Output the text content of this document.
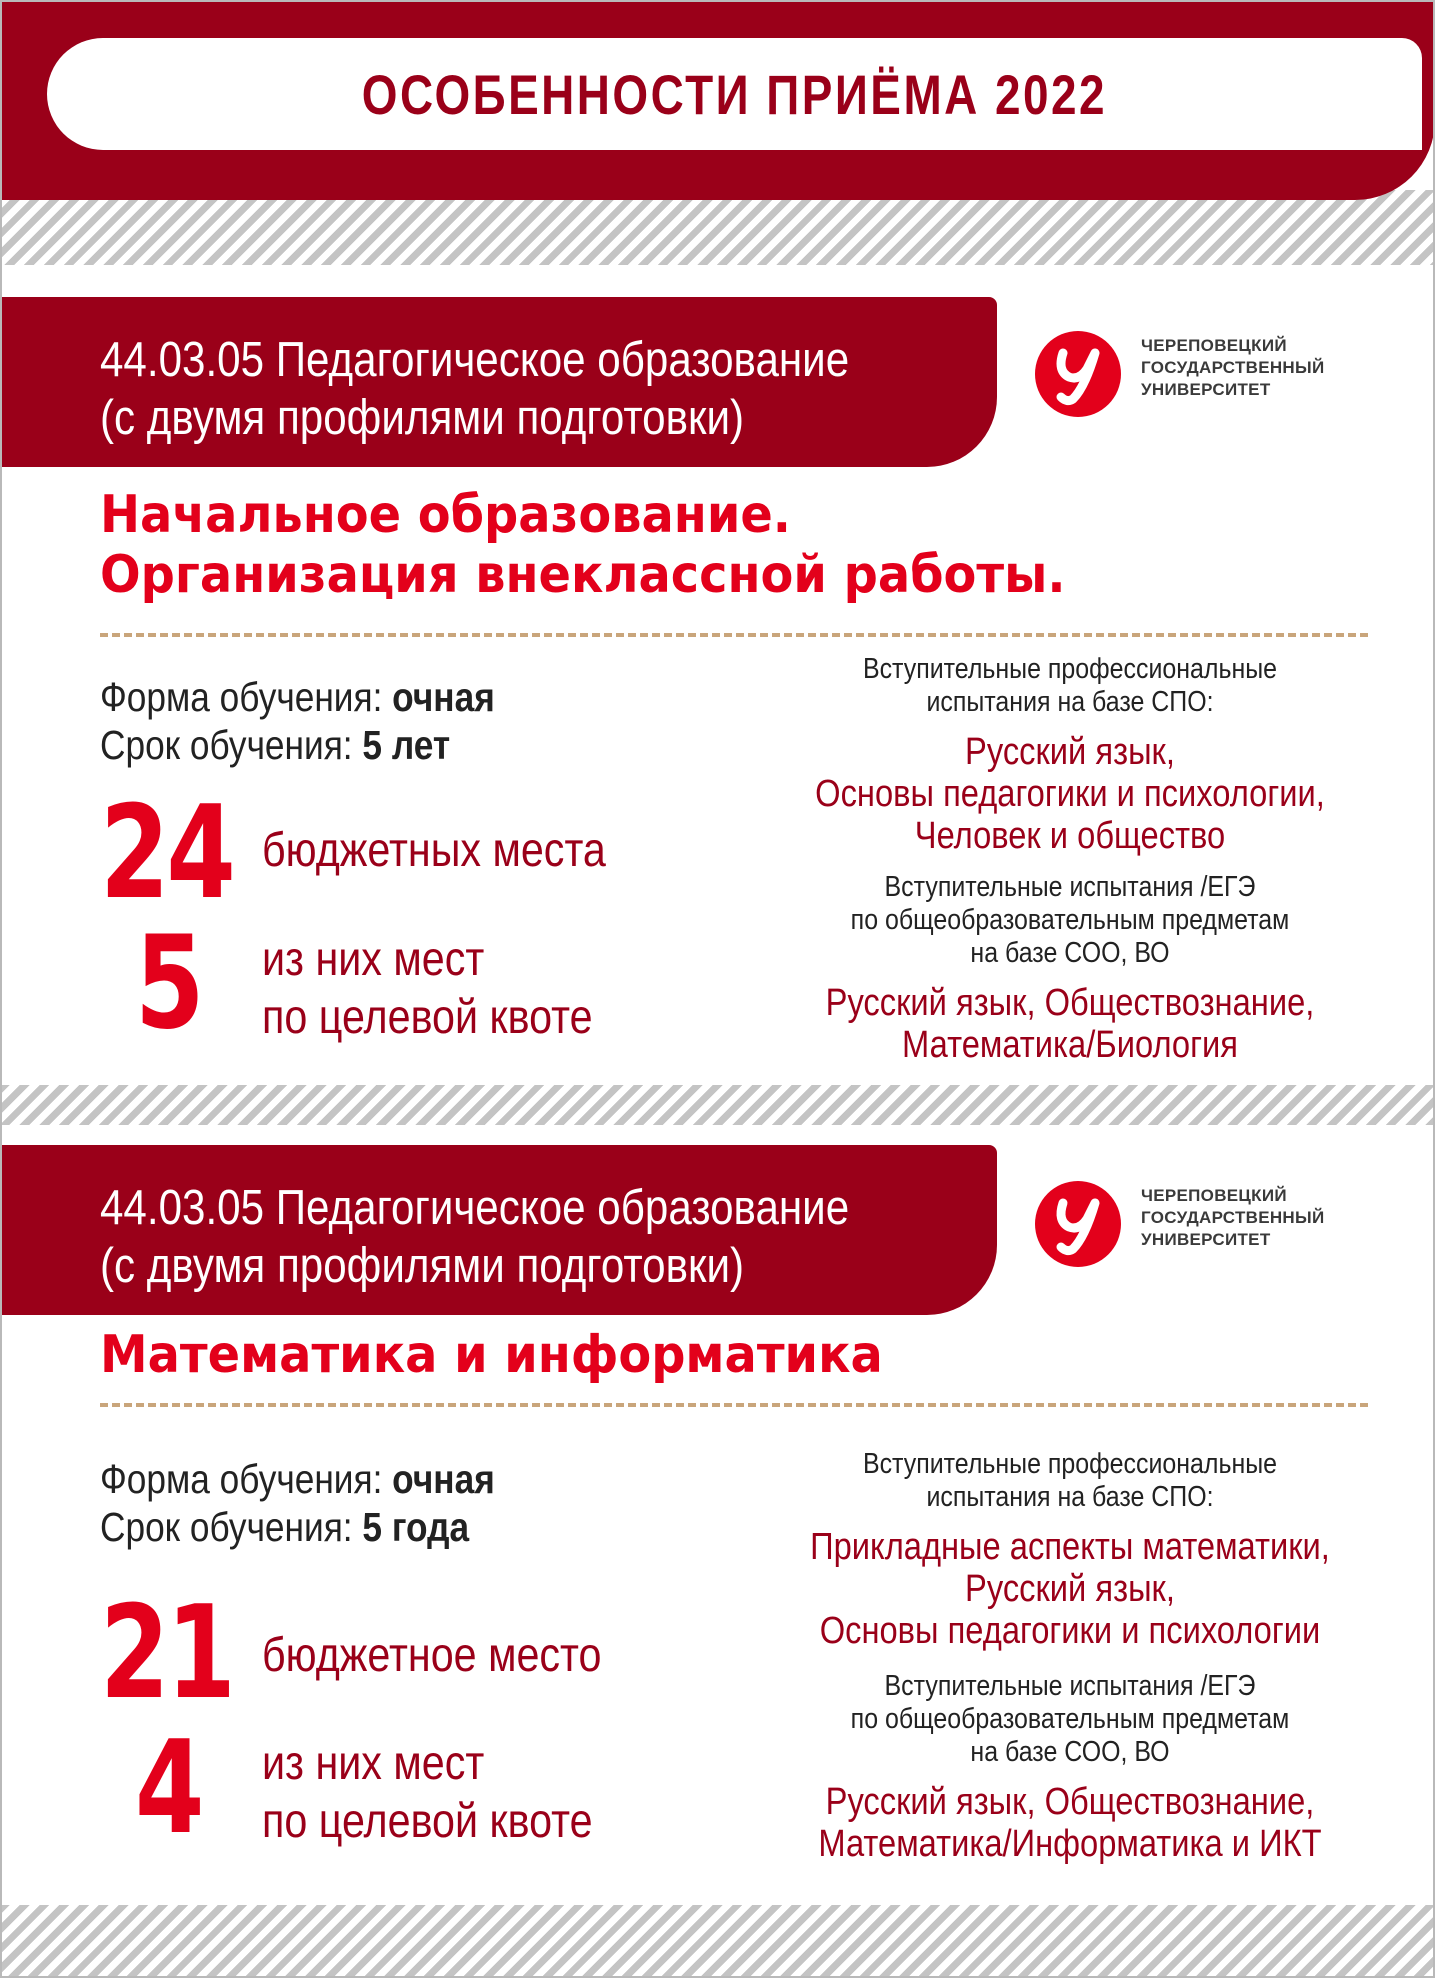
ОСОБЕННОСТИ ПРИЁМА 2022
44.03.05 Педагогическое образование
(с двумя профилями подготовки)
ЧЕРЕПОВЕЦКИЙ
ГОСУДАРСТВЕННЫЙ
УНИВЕРСИТЕТ
Начальное образование.
Организация внеклассной работы.
Форма обучения: очная
Срок обучения: 5 лет
24 бюджетных места
5 из них мест
по целевой квоте
Вступительные профессиональные
испытания на базе СПО:
Русский язык,
Основы педагогики и психологии,
Человек и общество
Вступительные испытания /ЕГЭ
по общеобразовательным предметам
на базе СОО, ВО
Русский язык, Обществознание,
Математика/Биология
44.03.05 Педагогическое образование
(с двумя профилями подготовки)
ЧЕРЕПОВЕЦКИЙ
ГОСУДАРСТВЕННЫЙ
УНИВЕРСИТЕТ
Математика и информатика
Форма обучения: очная
Срок обучения: 5 года
21 бюджетное место
4 из них мест
по целевой квоте
Вступительные профессиональные
испытания на базе СПО:
Прикладные аспекты математики,
Русский язык,
Основы педагогики и психологии
Вступительные испытания /ЕГЭ
по общеобразовательным предметам
на базе СОО, ВО
Русский язык, Обществознание,
Математика/Информатика и ИКТ
